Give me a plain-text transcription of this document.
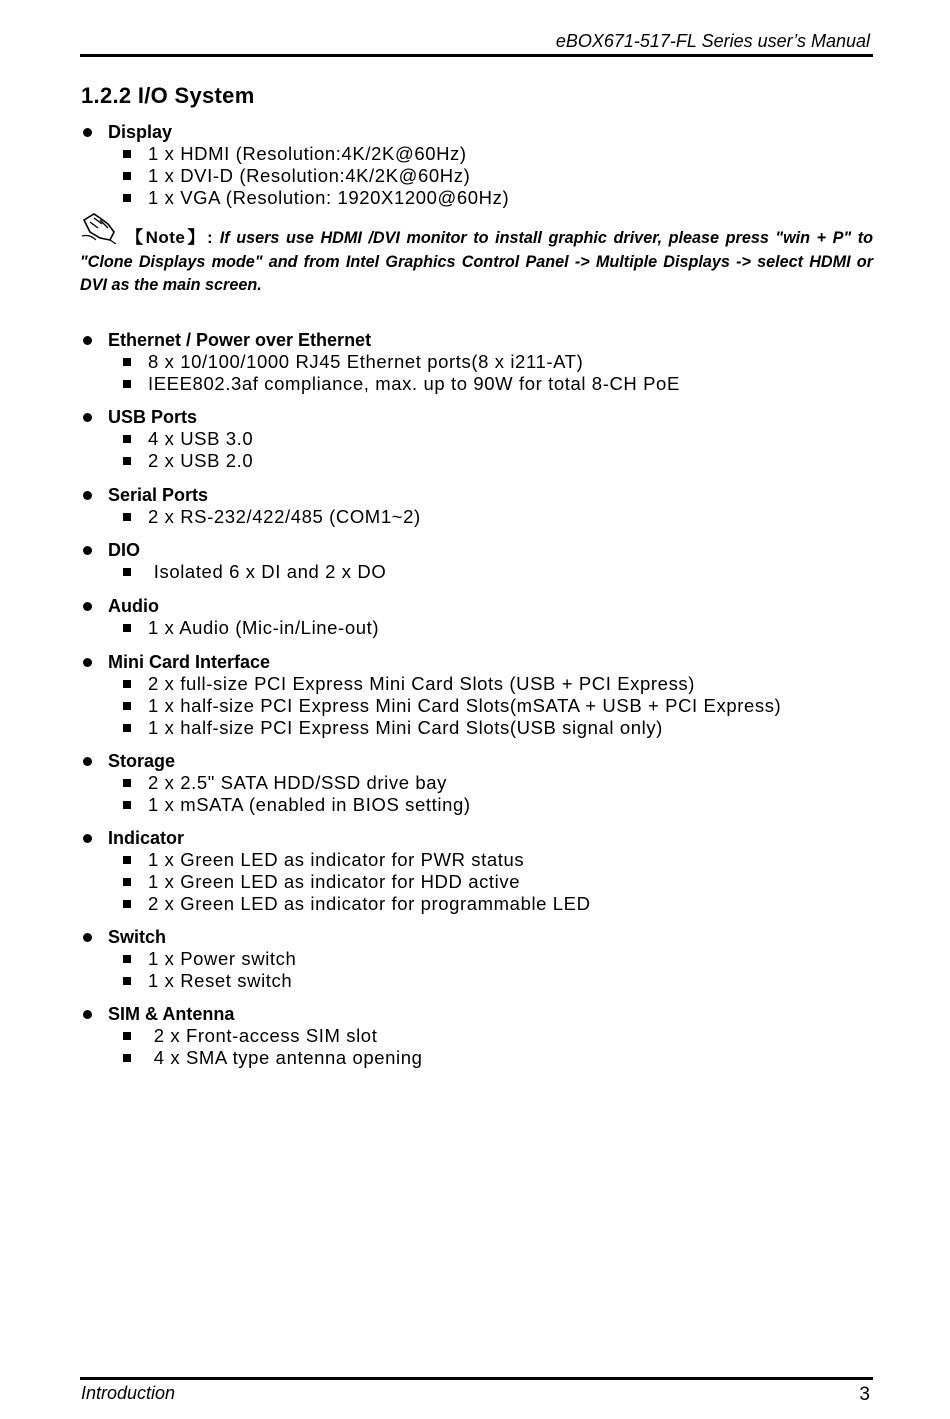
eBOX671-517-FL Series user’s Manual
1.2.2 I/O System
Display
1 x HDMI (Resolution:4K/2K@60Hz)
1 x DVI-D (Resolution:4K/2K@60Hz)
1 x VGA (Resolution: 1920X1200@60Hz)
【Note】: If users use HDMI /DVI monitor to install graphic driver, please press "win + P" to "Clone Displays mode" and from Intel Graphics Control Panel -> Multiple Displays -> select HDMI or DVI as the main screen.
Ethernet / Power over Ethernet
8 x 10/100/1000 RJ45 Ethernet ports(8 x i211-AT)
IEEE802.3af compliance, max. up to 90W for total 8-CH PoE
USB Ports
4 x USB 3.0
2 x USB 2.0
Serial Ports
2 x RS-232/422/485 (COM1~2)
DIO
Isolated 6 x DI and 2 x DO
Audio
1 x Audio (Mic-in/Line-out)
Mini Card Interface
2 x full-size PCI Express Mini Card Slots (USB + PCI Express)
1 x half-size PCI Express Mini Card Slots(mSATA + USB + PCI Express)
1 x half-size PCI Express Mini Card Slots(USB signal only)
Storage
2 x 2.5" SATA HDD/SSD drive bay
1 x mSATA (enabled in BIOS setting)
Indicator
1 x Green LED as indicator for PWR status
1 x Green LED as indicator for HDD active
2 x Green LED as indicator for programmable LED
Switch
1 x Power switch
1 x Reset switch
SIM & Antenna
2 x Front-access SIM slot
4 x SMA type antenna opening
Introduction	3
